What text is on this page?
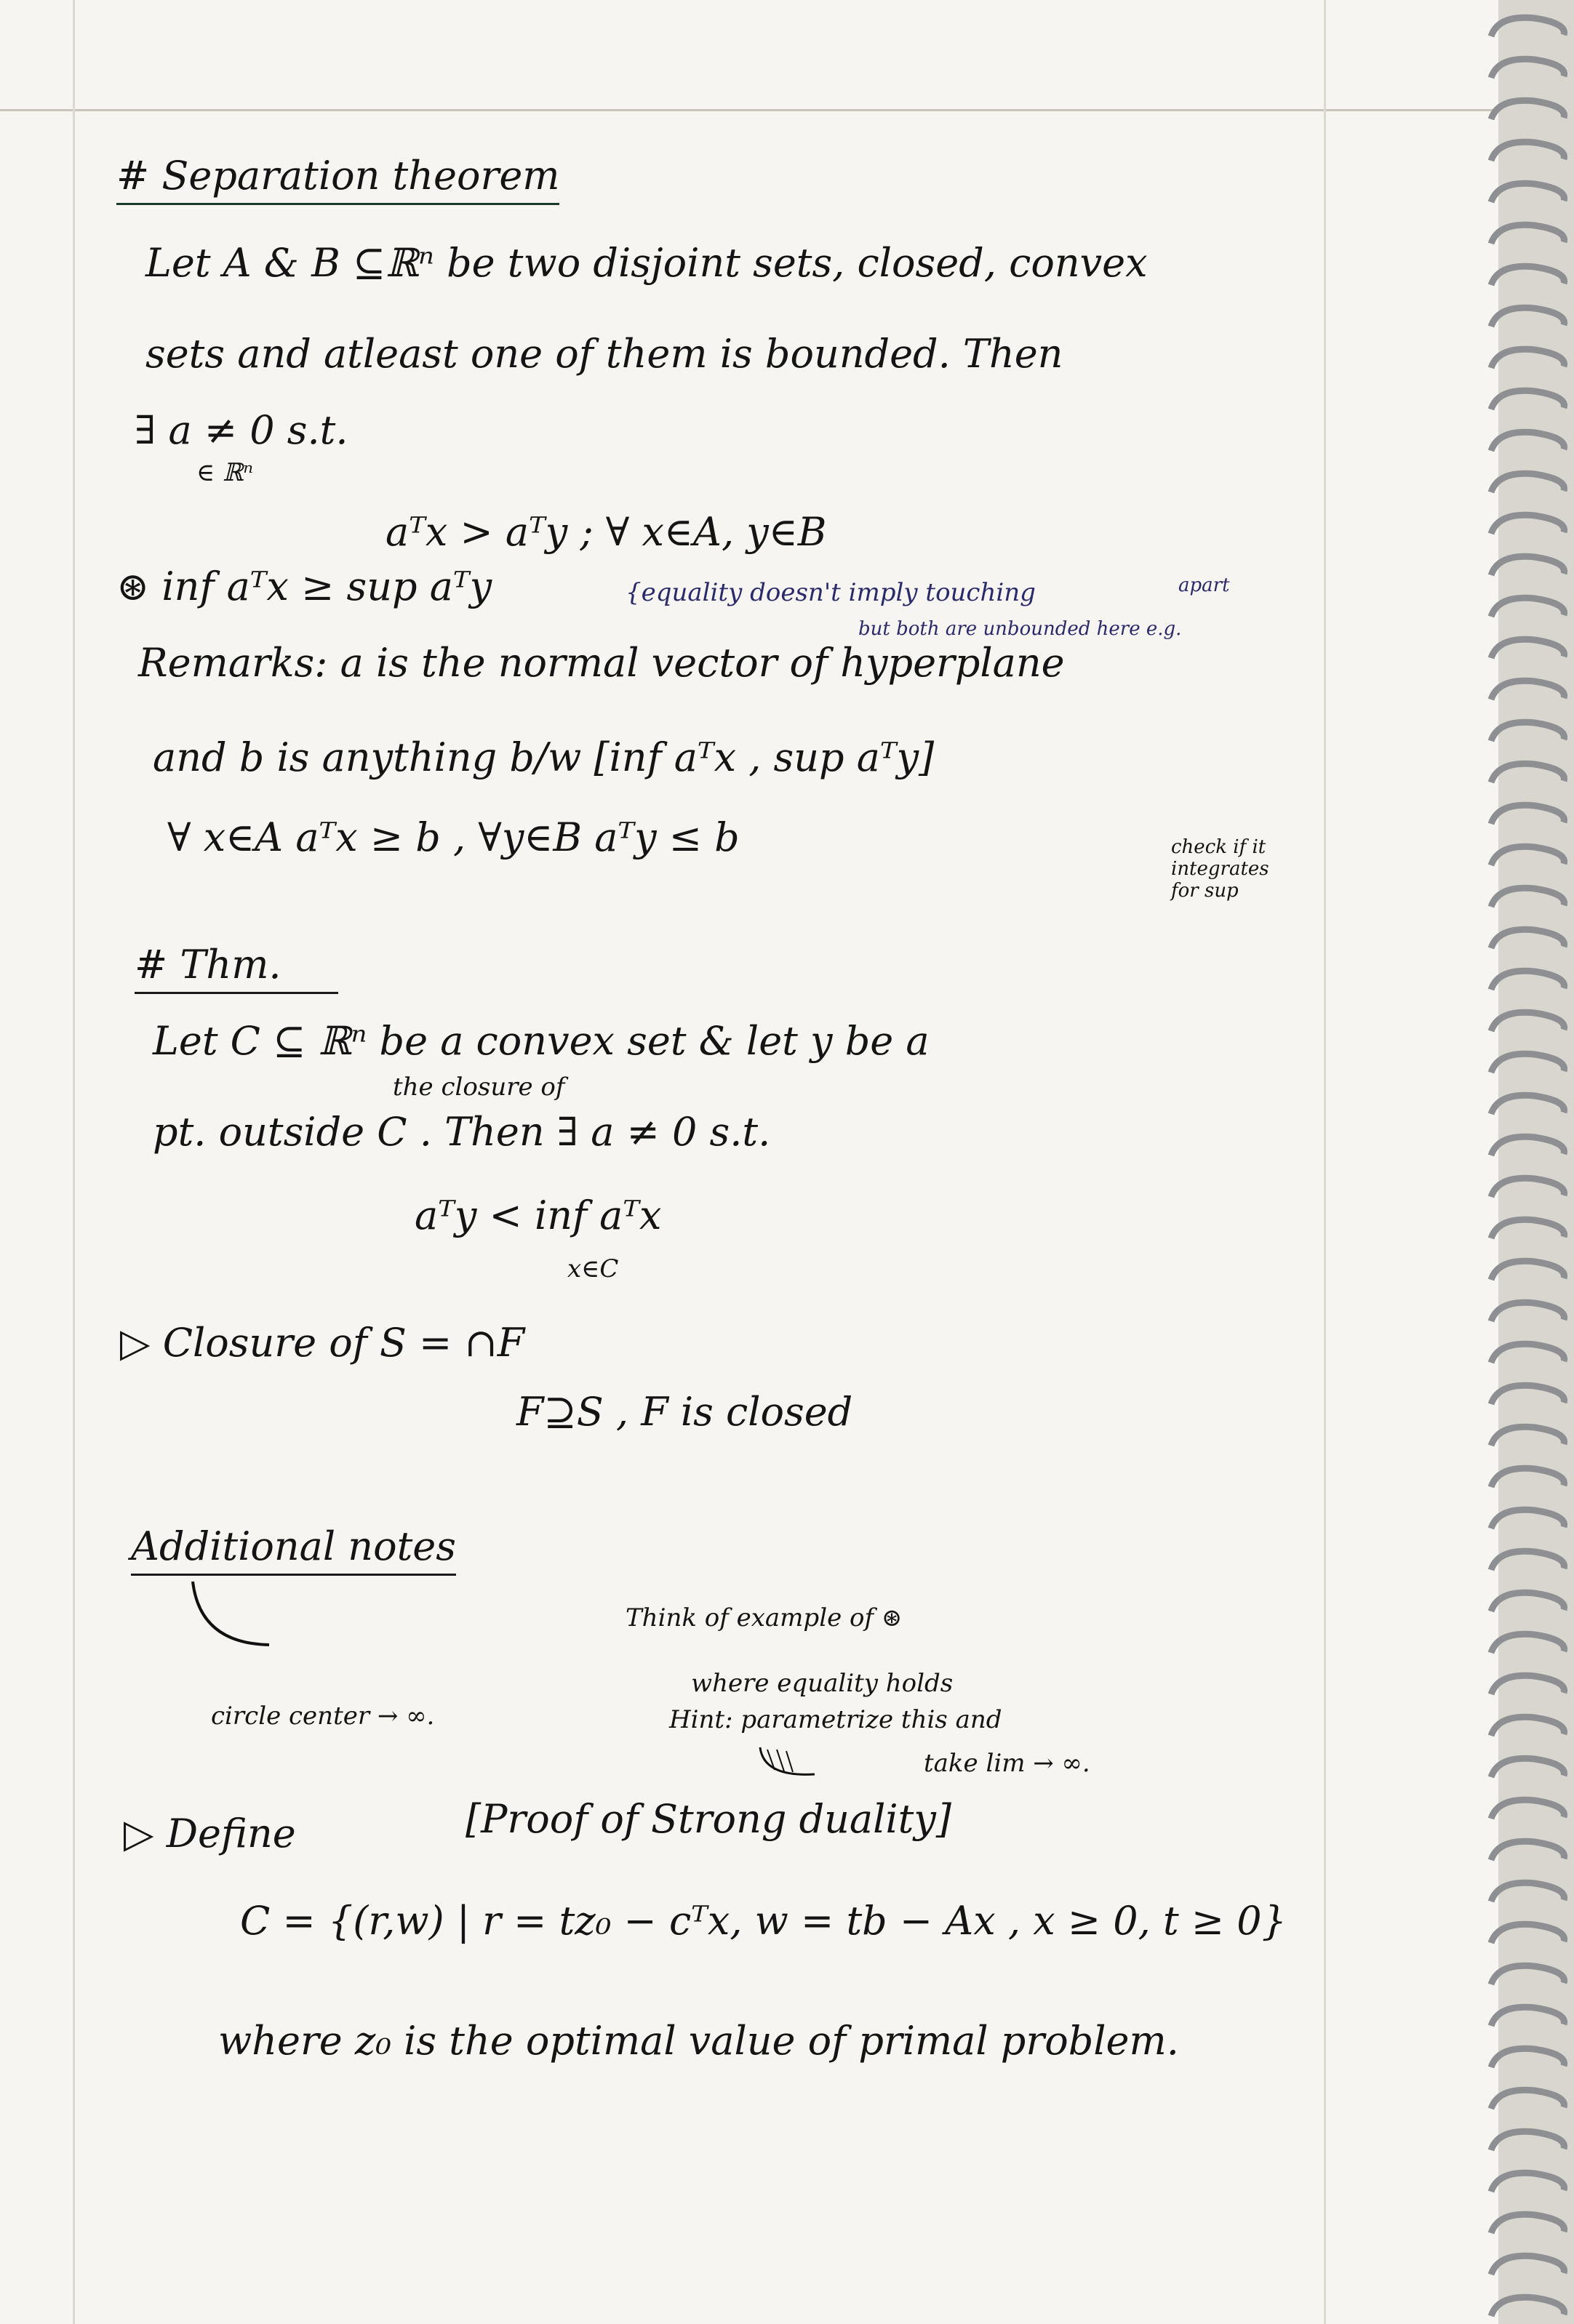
# Separation theorem
Let A & B ⊆ℝⁿ be two disjoint sets, closed, convex
sets and atleast one of them is bounded. Then
∃ a ≠ 0 s.t.
∈ ℝⁿ
aᵀx > aᵀy ; ∀ x∈A, y∈B
⊛ inf aᵀx ≥ sup aᵀy	{equality doesn't imply touching	apart
but both are unbounded here e.g.
Remarks: a is the normal vector of hyperplane
and b is anything b/w [inf aᵀx , sup aᵀy]
∀ x∈A aᵀx ≥ b , ∀y∈B aᵀy ≤ b	check if it integrates for sup
# Thm.
Let C ⊆ ℝⁿ be a convex set & let y be a
the closure of
pt. outside C . Then ∃ a ≠ 0 s.t.
aᵀy < inf aᵀx
x∈C
▷ Closure of S = ∩F
F⊇S , F is closed
Additional notes
Think of example of ⊛
where equality holds
circle center → ∞.	Hint: parametrize this and
take lim → ∞.
▷ Define	[Proof of Strong duality]
C = {(r,w) | r = tz₀ − cᵀx, w = tb − Ax , x ≥ 0, t ≥ 0}
where z₀ is the optimal value of primal problem.
